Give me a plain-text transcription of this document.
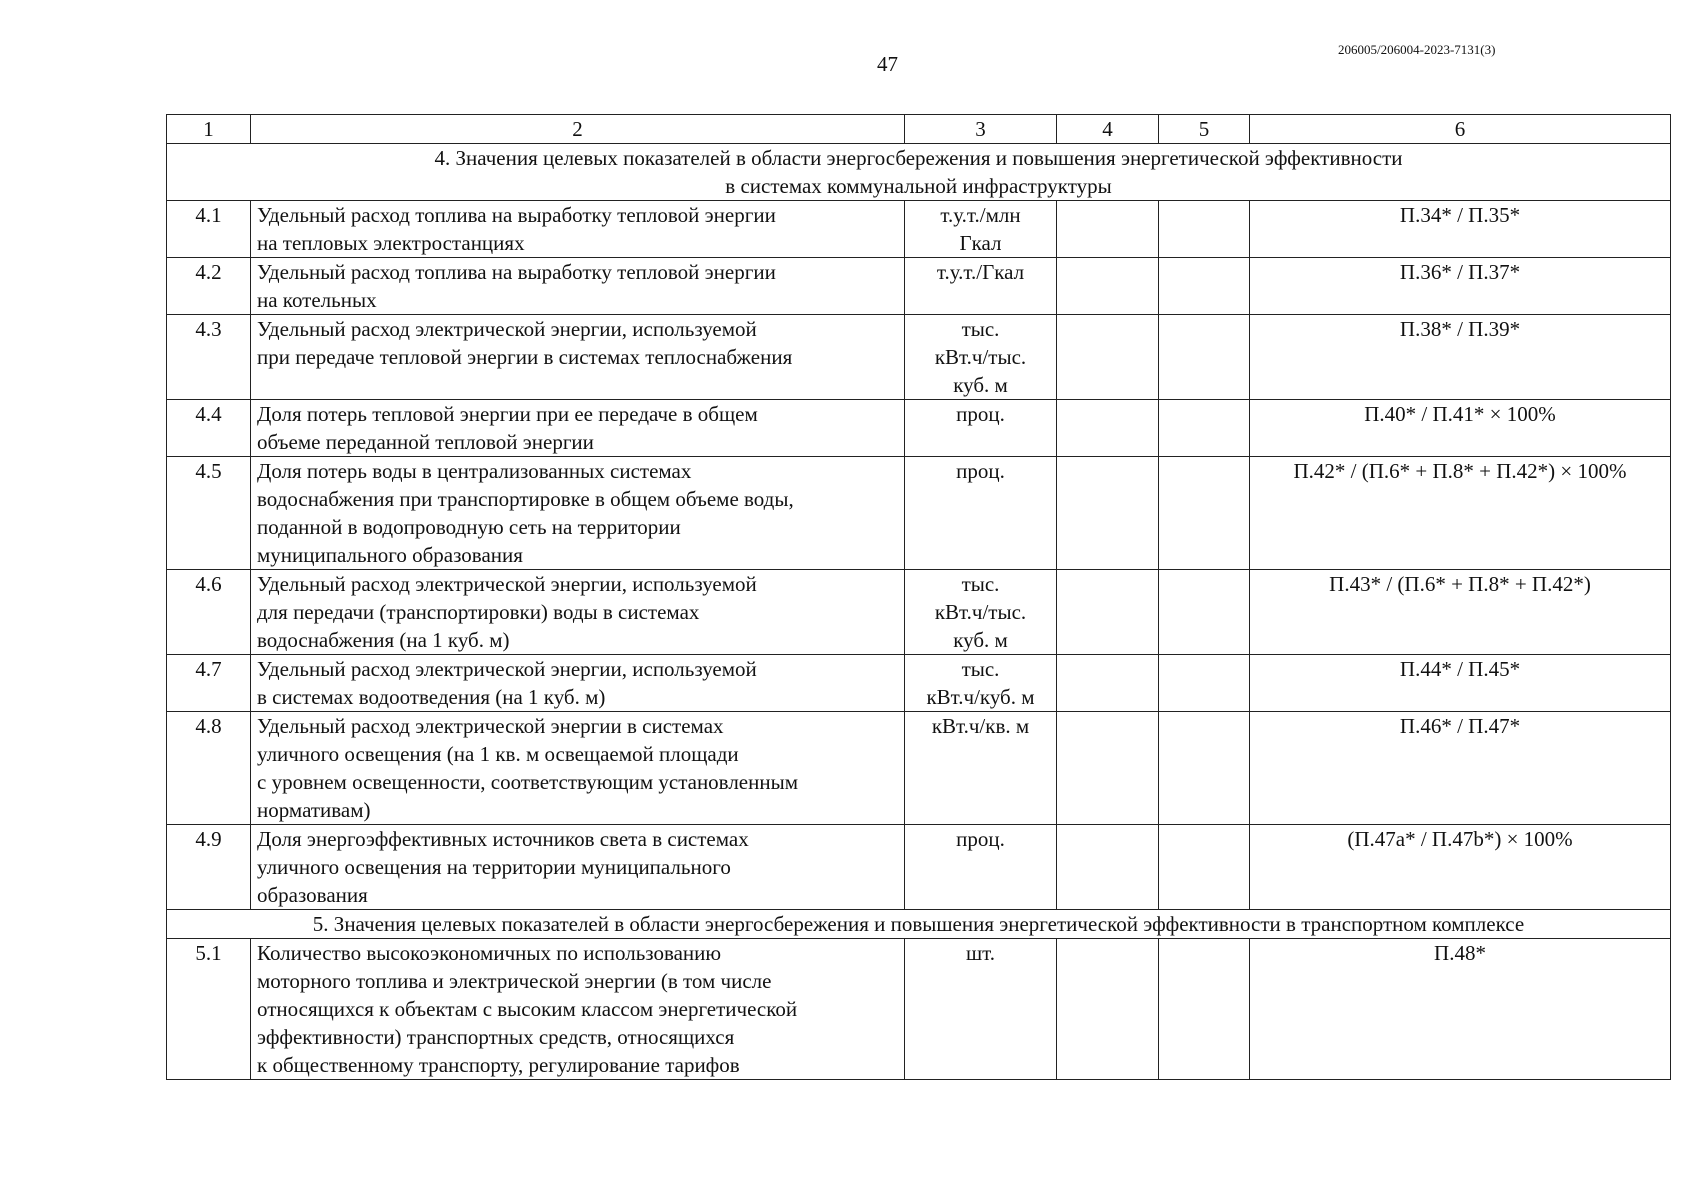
206005/206004-2023-7131(3)
47
1	2	3	4	5	6
4. Значения целевых показателей в области энергосбережения и повышения энергетической эффективности
в системах коммунальной инфраструктуры					
4.1	Удельный расход топлива на выработку тепловой энергии
на тепловых электростанциях	т.у.т./млн
Гкал			П.34* / П.35*
4.2	Удельный расход топлива на выработку тепловой энергии
на котельных	т.у.т./Гкал			П.36* / П.37*
4.3	Удельный расход электрической энергии, используемой
при передаче тепловой энергии в системах теплоснабжения	тыс.
кВт.ч/тыс.
куб. м			П.38* / П.39*
4.4	Доля потерь тепловой энергии при ее передаче в общем
объеме переданной тепловой энергии	проц.			П.40* / П.41* × 100%
4.5	Доля потерь воды в централизованных системах
водоснабжения при транспортировке в общем объеме воды,
поданной в водопроводную сеть на территории
муниципального образования	проц.			П.42* / (П.6* + П.8* + П.42*) × 100%
4.6	Удельный расход электрической энергии, используемой
для передачи (транспортировки) воды в системах
водоснабжения (на 1 куб. м)	тыс.
кВт.ч/тыс.
куб. м			П.43* / (П.6* + П.8* + П.42*)
4.7	Удельный расход электрической энергии, используемой
в системах водоотведения (на 1 куб. м)	тыс.
кВт.ч/куб. м			П.44* / П.45*
4.8	Удельный расход электрической энергии в системах
уличного освещения (на 1 кв. м освещаемой площади
с уровнем освещенности, соответствующим установленным
нормативам)	кВт.ч/кв. м			П.46* / П.47*
4.9	Доля энергоэффективных источников света в системах
уличного освещения на территории муниципального
образования	проц.			(П.47a* / П.47b*) × 100%
5. Значения целевых показателей в области энергосбережения и повышения энергетической эффективности в транспортном комплексе					
5.1	Количество высокоэкономичных по использованию
моторного топлива и электрической энергии (в том числе
относящихся к объектам с высоким классом энергетической
эффективности) транспортных средств, относящихся
к общественному транспорту, регулирование тарифов	шт.			П.48*
